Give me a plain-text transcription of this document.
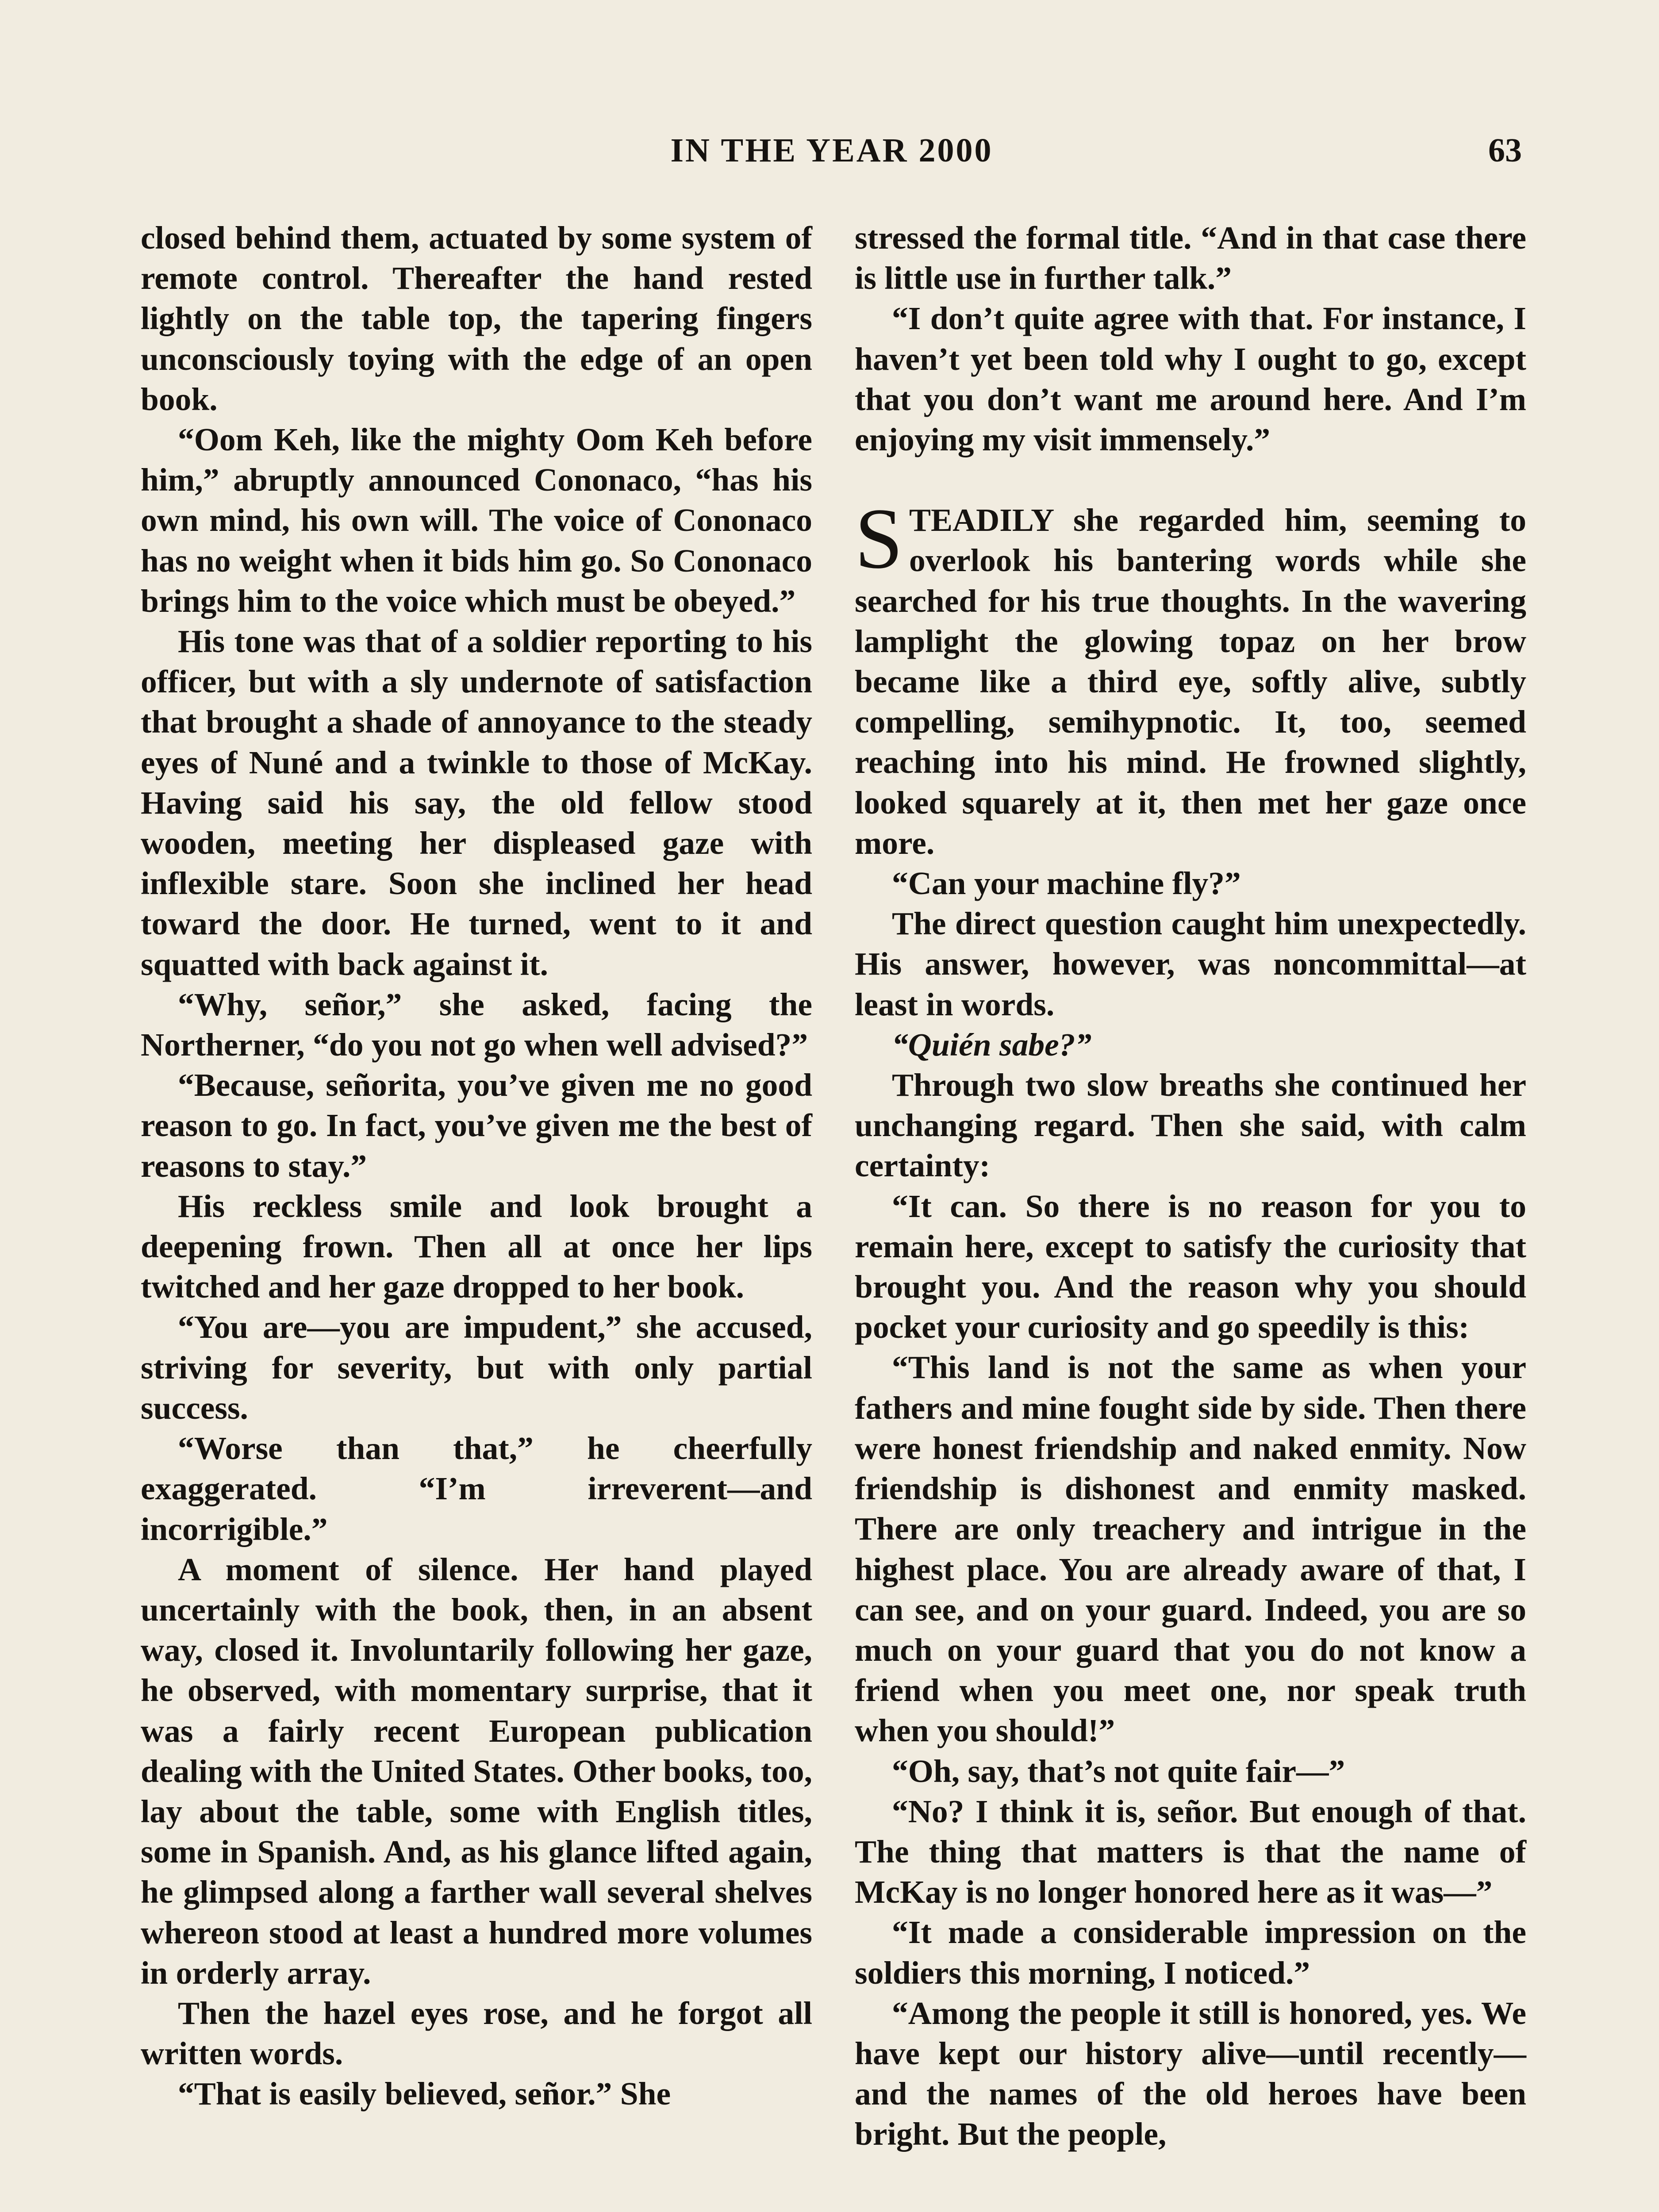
IN THE YEAR 2000	63

closed behind them, actuated by some system of remote control. Thereafter the hand rested lightly on the table top, the tapering fingers unconsciously toying with the edge of an open book.

“Oom Keh, like the mighty Oom Keh before him,” abruptly announced Cononaco, “has his own mind, his own will. The voice of Cononaco has no weight when it bids him go. So Cononaco brings him to the voice which must be obeyed.”

His tone was that of a soldier reporting to his officer, but with a sly undernote of satisfaction that brought a shade of annoyance to the steady eyes of Nuné and a twinkle to those of McKay. Having said his say, the old fellow stood wooden, meeting her displeased gaze with inflexible stare. Soon she inclined her head toward the door. He turned, went to it and squatted with back against it.

“Why, señor,” she asked, facing the Northerner, “do you not go when well advised?”

“Because, señorita, you’ve given me no good reason to go. In fact, you’ve given me the best of reasons to stay.”

His reckless smile and look brought a deepening frown. Then all at once her lips twitched and her gaze dropped to her book.

“You are—you are impudent,” she accused, striving for severity, but with only partial success.

“Worse than that,” he cheerfully exaggerated. “I’m irreverent—and incorrigible.”

A moment of silence. Her hand played uncertainly with the book, then, in an absent way, closed it. Involuntarily following her gaze, he observed, with momentary surprise, that it was a fairly recent European publication dealing with the United States. Other books, too, lay about the table, some with English titles, some in Spanish. And, as his glance lifted again, he glimpsed along a farther wall several shelves whereon stood at least a hundred more volumes in orderly array.

Then the hazel eyes rose, and he forgot all written words.

“That is easily believed, señor.” She

stressed the formal title. “And in that case there is little use in further talk.”

“I don’t quite agree with that. For instance, I haven’t yet been told why I ought to go, except that you don’t want me around here. And I’m enjoying my visit immensely.”

STEADILY she regarded him, seeming to overlook his bantering words while she searched for his true thoughts. In the wavering lamplight the glowing topaz on her brow became like a third eye, softly alive, subtly compelling, semihypnotic. It, too, seemed reaching into his mind. He frowned slightly, looked squarely at it, then met her gaze once more.

“Can your machine fly?”

The direct question caught him unexpectedly. His answer, however, was noncommittal—at least in words.

“Quién sabe?”

Through two slow breaths she continued her unchanging regard. Then she said, with calm certainty:

“It can. So there is no reason for you to remain here, except to satisfy the curiosity that brought you. And the reason why you should pocket your curiosity and go speedily is this:

“This land is not the same as when your fathers and mine fought side by side. Then there were honest friendship and naked enmity. Now friendship is dishonest and enmity masked. There are only treachery and intrigue in the highest place. You are already aware of that, I can see, and on your guard. Indeed, you are so much on your guard that you do not know a friend when you meet one, nor speak truth when you should!”

“Oh, say, that’s not quite fair—”

“No? I think it is, señor. But enough of that. The thing that matters is that the name of McKay is no longer honored here as it was—”

“It made a considerable impression on the soldiers this morning, I noticed.”

“Among the people it still is honored, yes. We have kept our history alive—until recently—and the names of the old heroes have been bright. But the people,
